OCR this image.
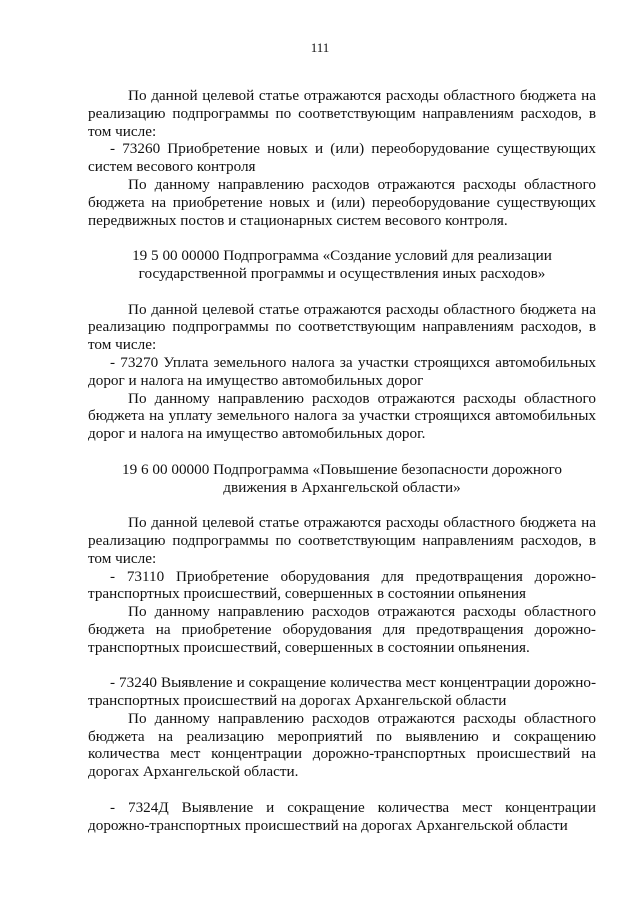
111

По данной целевой статье отражаются расходы областного бюджета на реализацию подпрограммы по соответствующим направлениям расходов, в том числе:

- 73260 Приобретение новых и (или) переоборудование существующих систем весового контроля

По данному направлению расходов отражаются расходы областного бюджета на приобретение новых и (или) переоборудование существующих передвижных постов и стационарных систем весового контроля.

19 5 00 00000 Подпрограмма «Создание условий для реализации государственной программы и осуществления иных расходов»

По данной целевой статье отражаются расходы областного бюджета на реализацию подпрограммы по соответствующим направлениям расходов, в том числе:

- 73270 Уплата земельного налога за участки строящихся автомобильных дорог и налога на имущество автомобильных дорог

По данному направлению расходов отражаются расходы областного бюджета на уплату земельного налога за участки строящихся автомобильных дорог и налога на имущество автомобильных дорог.

19 6 00 00000 Подпрограмма «Повышение безопасности дорожного движения в Архангельской области»

По данной целевой статье отражаются расходы областного бюджета на реализацию подпрограммы по соответствующим направлениям расходов, в том числе:

- 73110 Приобретение оборудования для предотвращения дорожно-транспортных происшествий, совершенных в состоянии опьянения

По данному направлению расходов отражаются расходы областного бюджета на приобретение оборудования для предотвращения дорожно-транспортных происшествий, совершенных в состоянии опьянения.

- 73240 Выявление и сокращение количества мест концентрации дорожно-транспортных происшествий на дорогах Архангельской области

По данному направлению расходов отражаются расходы областного бюджета на реализацию мероприятий по выявлению и сокращению количества мест концентрации дорожно-транспортных происшествий на дорогах Архангельской области.

- 7324Д Выявление и сокращение количества мест концентрации дорожно-транспортных происшествий на дорогах Архангельской области
